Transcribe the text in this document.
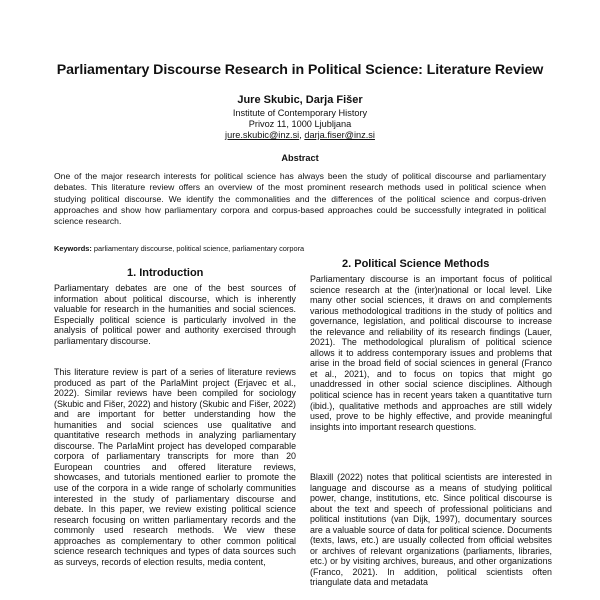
Parliamentary Discourse Research in Political Science: Literature Review
Jure Skubic, Darja Fišer
Institute of Contemporary History
Privoz 11, 1000 Ljubljana
jure.skubic@inz.si, darja.fiser@inz.si
Abstract

One of the major research interests for political science has always been the study of political discourse and parliamentary debates. This literature review offers an overview of the most prominent research methods used in political science when studying political discourse. We identify the commonalities and the differences of the political science and corpus-driven approaches and show how parliamentary corpora and corpus-based approaches could be successfully integrated in political science research.

Keywords: parliamentary discourse, political science, parliamentary corpora

1. Introduction

Parliamentary debates are one of the best sources of information about political discourse, which is inherently valuable for research in the humanities and social sciences. Especially political science is particularly involved in the analysis of political power and authority exercised through parliamentary discourse.

This literature review is part of a series of literature reviews produced as part of the ParlaMint project (Erjavec et al., 2022). Similar reviews have been compiled for sociology (Skubic and Fišer, 2022) and history (Skubic and Fišer, 2022) and are important for better understanding how the humanities and social sciences use qualitative and quantitative research methods in analyzing parliamentary discourse. The ParlaMint project has developed comparable corpora of parliamentary transcripts for more than 20 European countries and offered literature reviews, showcases, and tutorials mentioned earlier to promote the use of the corpora in a wide range of scholarly communities interested in the study of parliamentary discourse and debate. In this paper, we review existing political science research focusing on written parliamentary records and the commonly used research methods. We view these approaches as complementary to other common political science research techniques and types of data sources such as surveys, records of election results, media content,

2. Political Science Methods

Parliamentary discourse is an important focus of political science research at the (inter)national or local level. Like many other social sciences, it draws on and complements various methodological traditions in the study of politics and governance, legislation, and political discourse to increase the relevance and reliability of its research findings (Lauer, 2021). The methodological pluralism of political science allows it to address contemporary issues and problems that arise in the broad field of social sciences in general (Franco et al., 2021), and to focus on topics that might go unaddressed in other social science disciplines. Although political science has in recent years taken a quantitative turn (ibid.), qualitative methods and approaches are still widely used, prove to be highly effective, and provide meaningful insights into important research questions.

Blaxill (2022) notes that political scientists are interested in language and discourse as a means of studying political power, change, institutions, etc. Since political discourse is about the text and speech of professional politicians and political institutions (van Dijk, 1997), documentary sources are a valuable source of data for political science. Documents (texts, laws, etc.) are usually collected from official websites or archives of relevant organizations (parliaments, libraries, etc.) or by visiting archives, bureaus, and other organizations (Franco, 2021). In addition, political scientists often triangulate data and metadata
